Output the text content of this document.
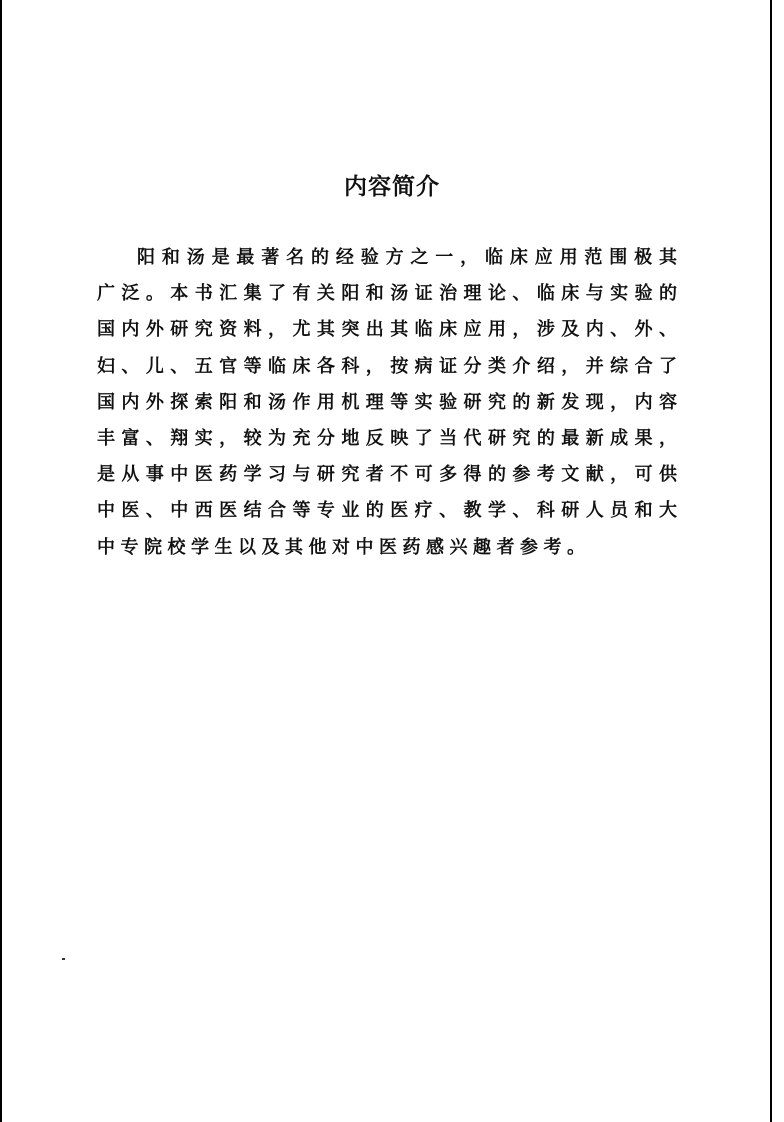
内容简介
阳和汤是最著名的经验方之一，临床应用范围极其
广泛。本书汇集了有关阳和汤证治理论、临床与实验的
国内外研究资料，尤其突出其临床应用，涉及内、外、
妇、儿、五官等临床各科，按病证分类介绍，并综合了
国内外探索阳和汤作用机理等实验研究的新发现，内容
丰富、翔实，较为充分地反映了当代研究的最新成果，
是从事中医药学习与研究者不可多得的参考文献，可供
中医、中西医结合等专业的医疗、教学、科研人员和大
中专院校学生以及其他对中医药感兴趣者参考。
